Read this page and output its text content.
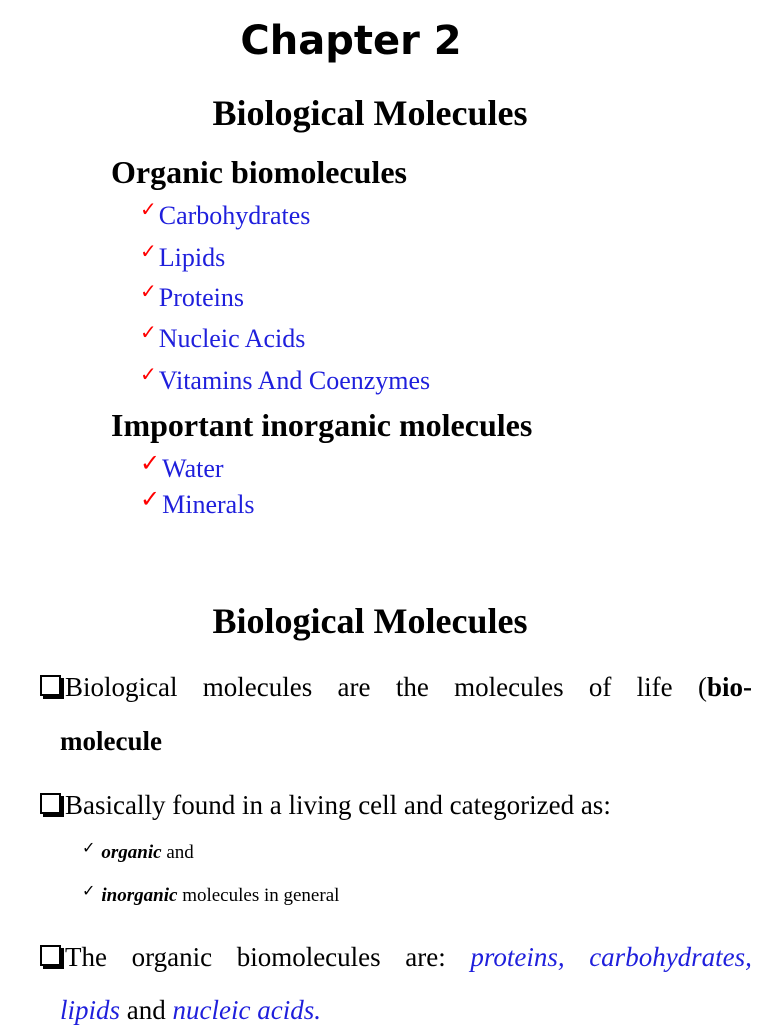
Chapter 2
Biological Molecules
Organic biomolecules
✓Carbohydrates
✓Lipids
✓Proteins
✓Nucleic Acids
✓Vitamins And Coenzymes
Important inorganic molecules
✓Water
✓Minerals
Biological Molecules
Biological molecules are the molecules of life (bio-
molecule
Basically found in a living cell and categorized as:
✓ organic and
✓ inorganic molecules in general
The organic biomolecules are: proteins, carbohydrates,
lipids and nucleic acids.
